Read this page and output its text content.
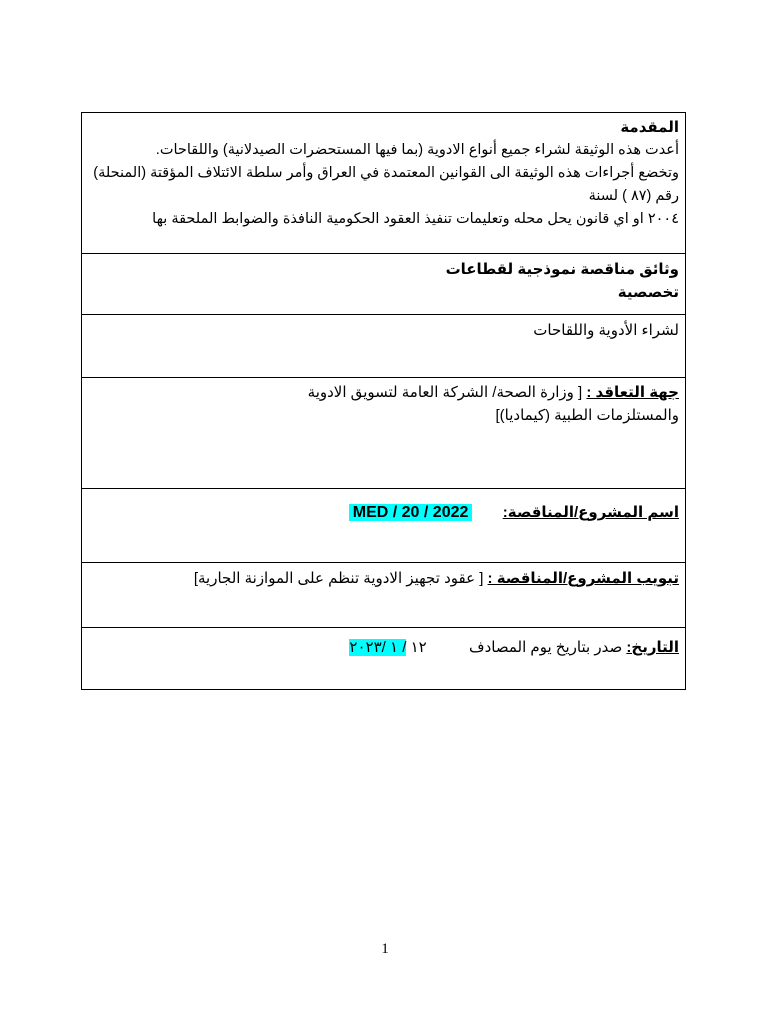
المقدمة
أعدت هذه الوثيقة لشراء جميع أنواع الادوية (بما فيها المستحضرات الصيدلانية) واللقاحات.
وتخضع أجراءات هذه الوثيقة الى القوانين المعتمدة في العراق وأمر سلطة الائتلاف المؤقتة (المنحلة) رقم (٨٧ ) لسنة
٢٠٠٤ او اي قانون يحل محله وتعليمات تنفيذ العقود الحكومية النافذة والضوابط الملحقة بها
وثائق مناقصة نموذجية لقطاعات
تخصصية
لشراء الأدوية واللقاحات
جهة التعاقد : [ وزارة الصحة/ الشركة العامة لتسويق الادوية
والمستلزمات الطبية (كيماديا)]
اسم المشروع/المناقصة:  MED / 20 / 2022
تبويب المشروع/المناقصة : [ عقود تجهيز الادوية تنظم على الموازنة الجارية]
التاريخ: صدر بتاريخ يوم المصادف  ١٢ / ١ /٢٠٢٣
1
